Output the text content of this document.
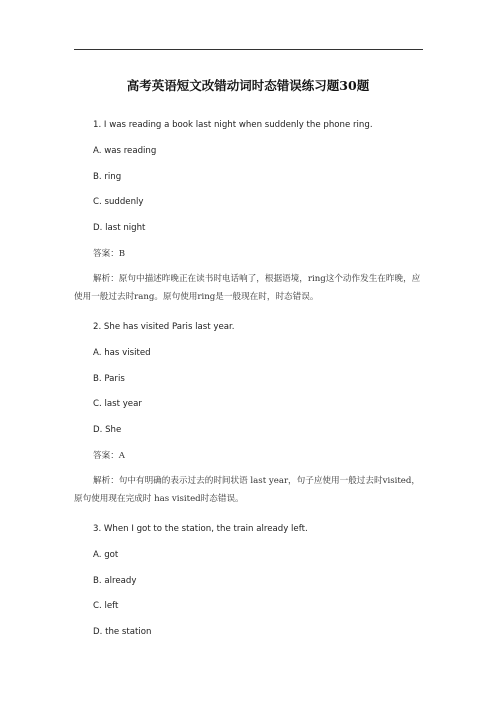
高考英语短文改错动词时态错误练习题30题
1. I was reading a book last night when suddenly the phone ring.
A. was reading
B. ring
C. suddenly
D. last night
答案：B
解析：原句中描述昨晚正在读书时电话响了，根据语境，ring这个动作发生在昨晚，应使用一般过去时rang。原句使用ring是一般现在时，时态错误。
2. She has visited Paris last year.
A. has visited
B. Paris
C. last year
D. She
答案：A
解析：句中有明确的表示过去的时间状语 last year，句子应使用一般过去时visited，原句使用现在完成时 has visited时态错误。
3. When I got to the station, the train already left.
A. got
B. already
C. left
D. the station
